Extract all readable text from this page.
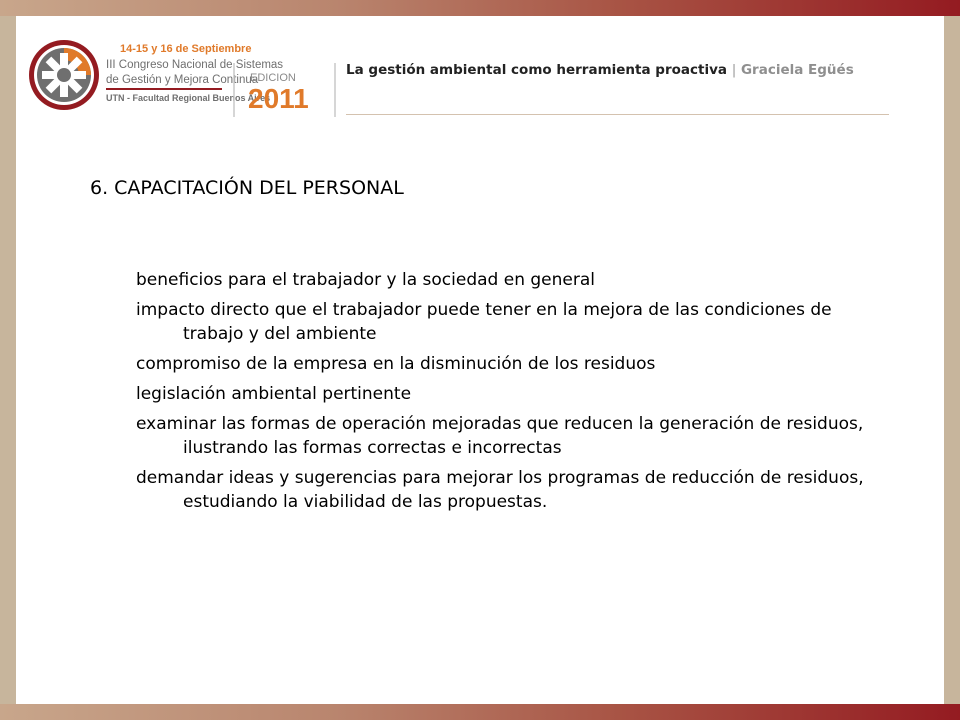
14-15 y 16 de Septiembre
III Congreso Nacional de Sistemas
de Gestión y Mejora Continua
UTN - Facultad Regional Buenos Aires
EDICION
2011
La gestión ambiental como herramienta proactiva | Graciela Egüés
6. CAPACITACIÓN DEL PERSONAL
beneficios para el trabajador y la sociedad en general
impacto directo que el trabajador puede tener en la mejora de las condiciones de trabajo y del ambiente
compromiso de la empresa en la disminución de los residuos
legislación ambiental pertinente
examinar las formas de operación mejoradas que reducen la generación de residuos, ilustrando las formas correctas e incorrectas
demandar ideas y sugerencias para mejorar los programas de reducción de residuos, estudiando la viabilidad de las propuestas.
